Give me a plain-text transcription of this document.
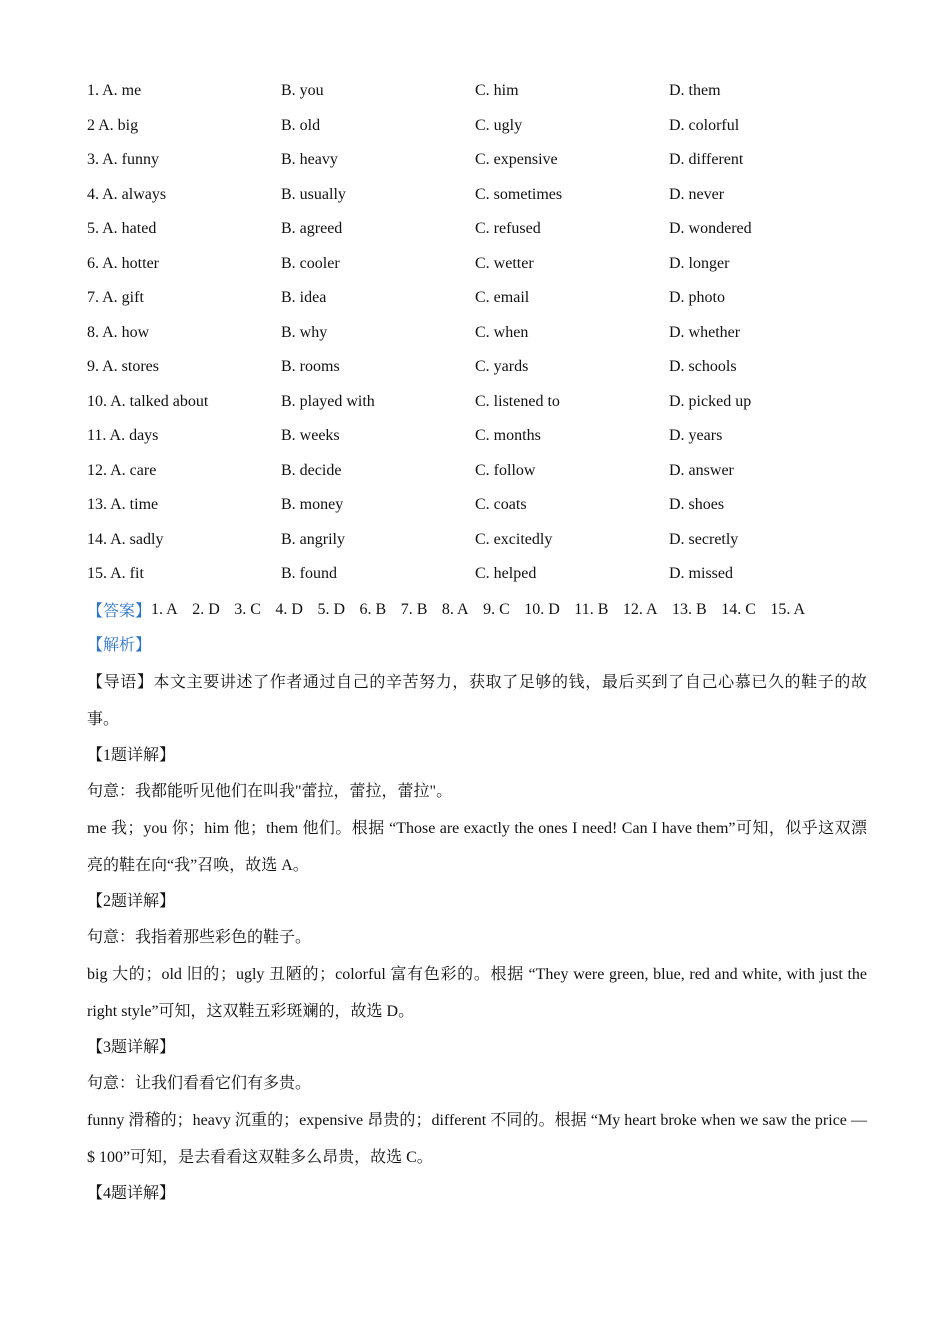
1. A. me	B. you	C. him	D. them
2 A. big	B. old	C. ugly	D. colorful
3. A. funny	B. heavy	C. expensive	D. different
4. A. always	B. usually	C. sometimes	D. never
5. A. hated	B. agreed	C. refused	D. wondered
6. A. hotter	B. cooler	C. wetter	D. longer
7. A. gift	B. idea	C. email	D. photo
8. A. how	B. why	C. when	D. whether
9. A. stores	B. rooms	C. yards	D. schools
10. A. talked about	B. played with	C. listened to	D. picked up
11. A. days	B. weeks	C. months	D. years
12. A. care	B. decide	C. follow	D. answer
13. A. time	B. money	C. coats	D. shoes
14. A. sadly	B. angrily	C. excitedly	D. secretly
15. A. fit	B. found	C. helped	D. missed
【答案】 1. A 2. D 3. C 4. D 5. D 6. B 7. B 8. A 9. C 10. D 11. B 12. A 13. B 14. C 15. A
【解析】
【导语】本文主要讲述了作者通过自己的辛苦努力，获取了足够的钱，最后买到了自己心慕已久的鞋子的故事。
【1题详解】
句意：我都能听见他们在叫我"蕾拉，蕾拉，蕾拉"。
me 我；you 你；him 他；them 他们。根据 “Those are exactly the ones I need! Can I have them”可知，似乎这双漂亮的鞋在向“我”召唤，故选 A。
【2题详解】
句意：我指着那些彩色的鞋子。
big 大的；old 旧的；ugly 丑陋的；colorful 富有色彩的。根据 “They were green, blue, red and white, with just the right style”可知，这双鞋五彩斑斓的，故选 D。
【3题详解】
句意：让我们看看它们有多贵。
funny 滑稽的；heavy 沉重的；expensive 昂贵的；different 不同的。根据 “My heart broke when we saw the price —$ 100”可知，是去看看这双鞋多么昂贵，故选 C。
【4题详解】
